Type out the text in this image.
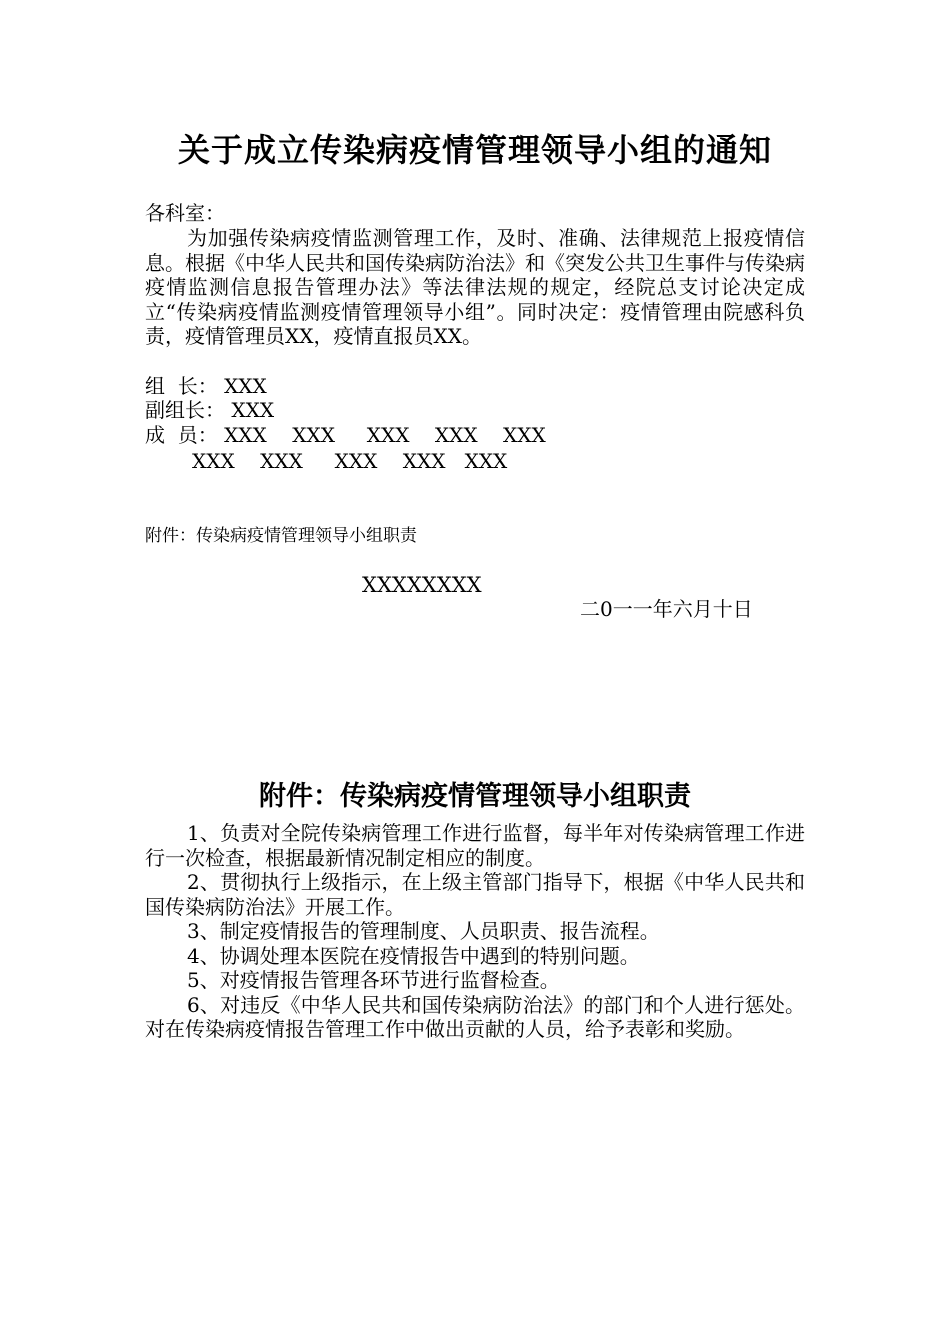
关于成立传染病疫情管理领导小组的通知
各科室：
为加强传染病疫情监测管理工作，及时、准确、法律规范上报疫情信息。根据《中华人民共和国传染病防治法》和《突发公共卫生事件与传染病疫情监测信息报告管理办法》等法律法规的规定，经院总支讨论决定成立“传染病疫情监测疫情管理领导小组”。同时决定：疫情管理由院感科负责，疫情管理员XX，疫情直报员XX。
组  长： XXX
副组长： XXX
成  员： XXX    XXX     XXX    XXX    XXX
XXX    XXX     XXX    XXX   XXX
附件：传染病疫情管理领导小组职责
XXXXXXXX
二0一一年六月十日
附件：传染病疫情管理领导小组职责
1、负责对全院传染病管理工作进行监督，每半年对传染病管理工作进行一次检查，根据最新情况制定相应的制度。
2、贯彻执行上级指示，在上级主管部门指导下，根据《中华人民共和国传染病防治法》开展工作。
3、制定疫情报告的管理制度、人员职责、报告流程。
4、协调处理本医院在疫情报告中遇到的特别问题。
5、对疫情报告管理各环节进行监督检查。
6、对违反《中华人民共和国传染病防治法》的部门和个人进行惩处。对在传染病疫情报告管理工作中做出贡献的人员，给予表彰和奖励。
